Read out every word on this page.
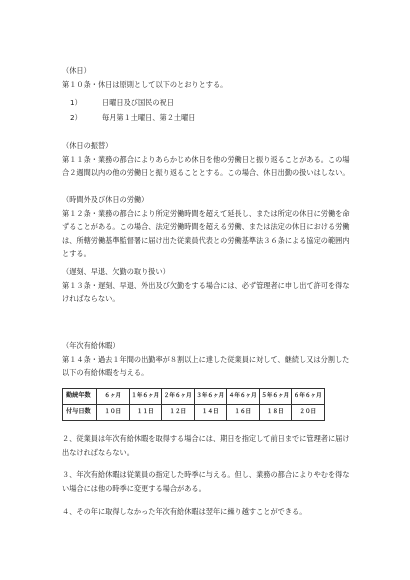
（休日）
第１０条・休日は原則として以下のとおりとする。
1）	日曜日及び国民の祝日
2）	毎月第１土曜日、第２土曜日
（休日の振替）
第１１条・業務の都合によりあらかじめ休日を他の労働日と振り返ることがある。この場
合２週間以内の他の労働日と振り返ることとする。この場合、休日出勤の扱いはしない。
（時間外及び休日の労働）
第１２条・業務の都合により所定労働時間を超えて延長し、または所定の休日に労働を命
ずることがある。この場合、法定労働時間を超える労働、または法定の休日における労働
は、所轄労働基準監督署に届け出た従業員代表との労働基準法３６条による協定の範囲内
とする。
（遅刻、早退、欠勤の取り扱い）
第１３条・遅刻、早退、外出及び欠勤をする場合には、必ず管理者に申し出て許可を得な
ければならない。
（年次有給休暇）
第１４条・過去１年間の出勤率が８割以上に達した従業員に対して、継続し又は分割した
以下の有給休暇を与える。
勤続年数	６ヶ月	１年６ヶ月	２年６ヶ月	３年６ヶ月	４年６ヶ月	５年６ヶ月	６年６ヶ月
付与日数	１０日	１１日	１２日	１４日	１６日	１８日	２０日
２、従業員は年次有給休暇を取得する場合には、期日を指定して前日までに管理者に届け
出なければならない。
３、年次有給休暇は従業員の指定した時季に与える。但し、業務の都合によりやむを得な
い場合には他の時季に変更する場合がある。
４、その年に取得しなかった年次有給休暇は翌年に繰り越すことができる。
